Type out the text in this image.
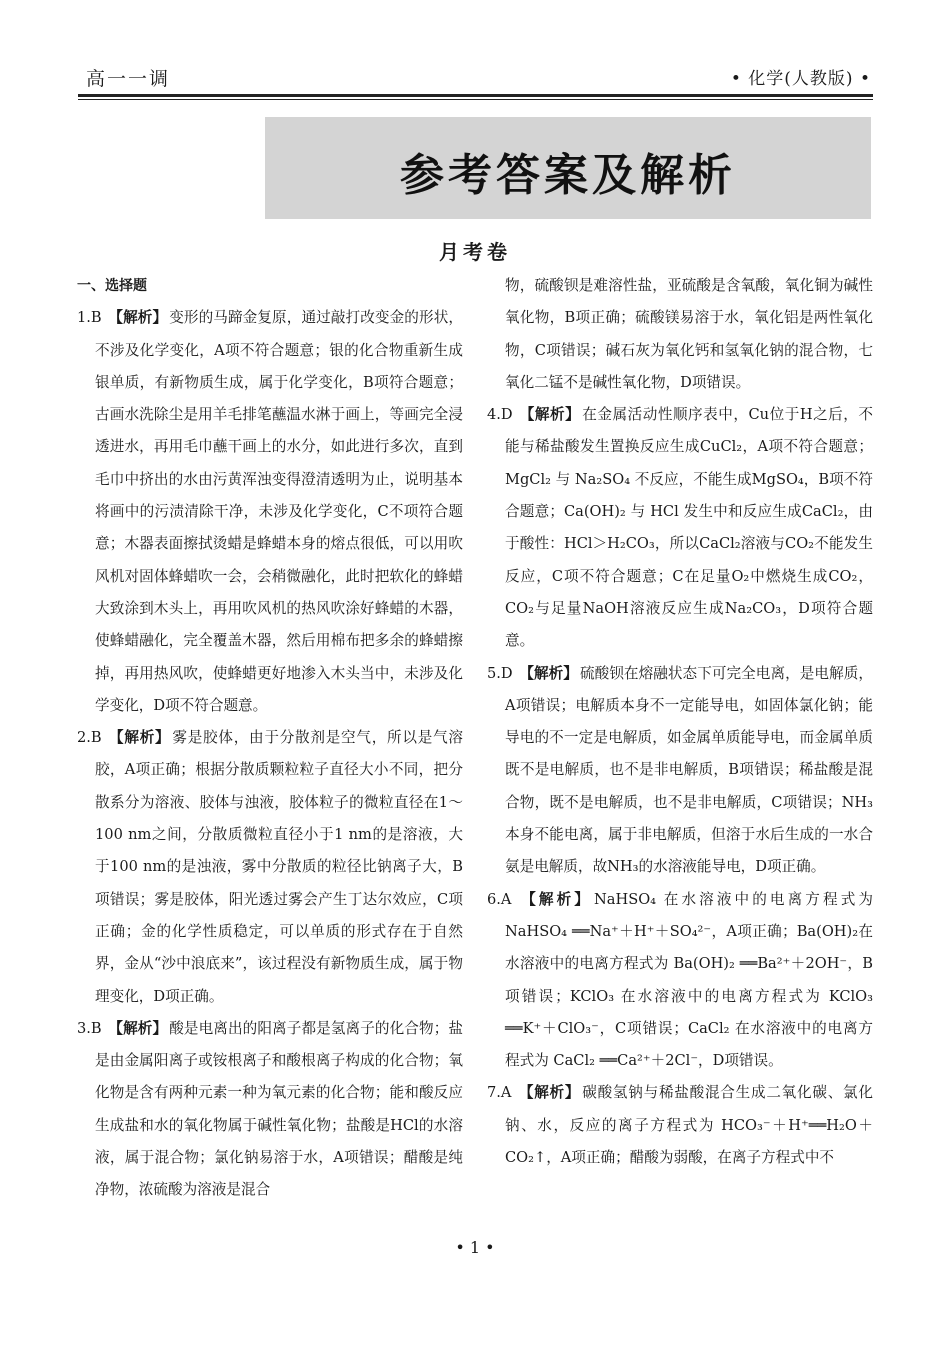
高一一调	• 化学(人教版) •
参考答案及解析
月考卷
一、选择题
1.B 【解析】 变形的马蹄金复原，通过敲打改变金的形状，不涉及化学变化，A项不符合题意；银的化合物重新生成银单质，有新物质生成，属于化学变化，B项符合题意；古画水洗除尘是用羊毛排笔蘸温水淋于画上，等画完全浸透进水，再用毛巾蘸干画上的水分，如此进行多次，直到毛巾中挤出的水由污黄浑浊变得澄清透明为止，说明基本将画中的污渍清除干净，未涉及化学变化，C不项符合题意；木器表面擦拭烫蜡是蜂蜡本身的熔点很低，可以用吹风机对固体蜂蜡吹一会，会稍微融化，此时把软化的蜂蜡大致涂到木头上，再用吹风机的热风吹涂好蜂蜡的木器，使蜂蜡融化，完全覆盖木器，然后用棉布把多余的蜂蜡擦掉，再用热风吹，使蜂蜡更好地渗入木头当中，未涉及化学变化，D项不符合题意。
2.B 【解析】 雾是胶体，由于分散剂是空气，所以是气溶胶，A项正确；根据分散质颗粒粒子直径大小不同，把分散系分为溶液、胶体与浊液，胶体粒子的微粒直径在1～100 nm之间，分散质微粒直径小于1 nm的是溶液，大于100 nm的是浊液，雾中分散质的粒径比钠离子大，B项错误；雾是胶体，阳光透过雾会产生丁达尔效应，C项正确；金的化学性质稳定，可以单质的形式存在于自然界，金从“沙中浪底来”，该过程没有新物质生成，属于物理变化，D项正确。
3.B 【解析】 酸是电离出的阳离子都是氢离子的化合物；盐是由金属阳离子或铵根离子和酸根离子构成的化合物；氧化物是含有两种元素一种为氧元素的化合物；能和酸反应生成盐和水的氧化物属于碱性氧化物；盐酸是HCl的水溶液，属于混合物；氯化钠易溶于水，A项错误；醋酸是纯净物，浓硫酸为溶液是混合
物，硫酸钡是难溶性盐，亚硫酸是含氧酸，氧化铜为碱性氧化物，B项正确；硫酸镁易溶于水，氧化铝是两性氧化物，C项错误；碱石灰为氧化钙和氢氧化钠的混合物，七氧化二锰不是碱性氧化物，D项错误。
4.D 【解析】 在金属活动性顺序表中，Cu位于H之后，不能与稀盐酸发生置换反应生成CuCl₂，A项不符合题意；MgCl₂ 与 Na₂SO₄ 不反应，不能生成MgSO₄，B项不符合题意；Ca(OH)₂ 与 HCl 发生中和反应生成CaCl₂，由于酸性：HCl＞H₂CO₃，所以CaCl₂溶液与CO₂不能发生反应，C项不符合题意；C在足量O₂中燃烧生成CO₂，CO₂与足量NaOH溶液反应生成Na₂CO₃，D项符合题意。
5.D 【解析】 硫酸钡在熔融状态下可完全电离，是电解质，A项错误；电解质本身不一定能导电，如固体氯化钠；能导电的不一定是电解质，如金属单质能导电，而金属单质既不是电解质，也不是非电解质，B项错误；稀盐酸是混合物，既不是电解质，也不是非电解质，C项错误；NH₃本身不能电离，属于非电解质，但溶于水后生成的一水合氨是电解质，故NH₃的水溶液能导电，D项正确。
6.A 【解析】 NaHSO₄ 在水溶液中的电离方程式为 NaHSO₄ ══Na⁺＋H⁺＋SO₄²⁻，A项正确；Ba(OH)₂在水溶液中的电离方程式为 Ba(OH)₂ ══Ba²⁺＋2OH⁻，B项错误；KClO₃ 在水溶液中的电离方程式为 KClO₃ ══K⁺＋ClO₃⁻，C项错误；CaCl₂ 在水溶液中的电离方程式为 CaCl₂ ══Ca²⁺＋2Cl⁻，D项错误。
7.A 【解析】 碳酸氢钠与稀盐酸混合生成二氧化碳、氯化钠、水，反应的离子方程式为 HCO₃⁻＋H⁺══H₂O＋CO₂↑，A项正确；醋酸为弱酸，在离子方程式中不
• 1 •
